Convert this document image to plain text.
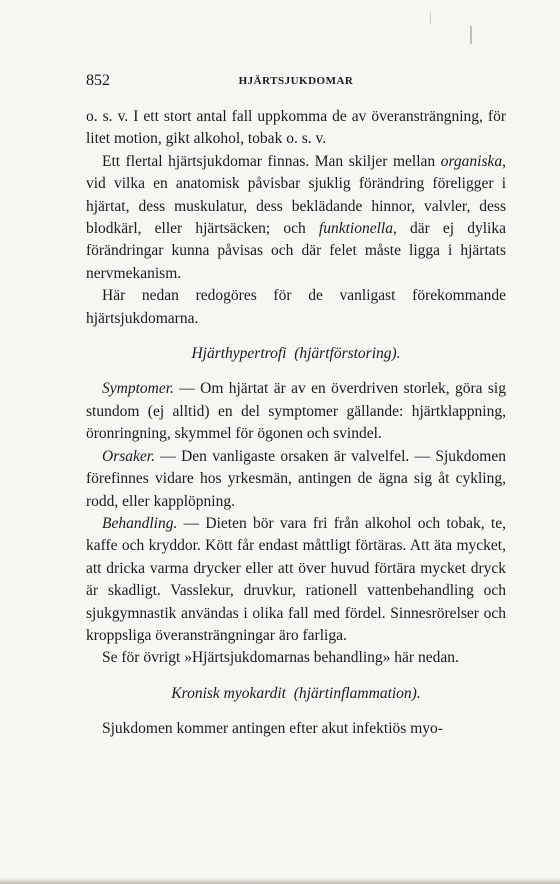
852	HJÄRTSJUKDOMAR

o. s. v. I ett stort antal fall uppkomma de av överansträngning, för litet motion, gikt alkohol, tobak o. s. v.

Ett flertal hjärtsjukdomar finnas. Man skiljer mellan organiska, vid vilka en anatomisk påvisbar sjuklig förändring föreligger i hjärtat, dess muskulatur, dess beklädande hinnor, valvler, dess blodkärl, eller hjärtsäcken; och funktionella, där ej dylika förändringar kunna påvisas och där felet måste ligga i hjärtats nervmekanism.

Här nedan redogöres för de vanligast förekommande hjärtsjukdomarna.

Hjärthypertrofi (hjärtförstoring).

Symptomer. — Om hjärtat är av en överdriven storlek, göra sig stundom (ej alltid) en del symptomer gällande: hjärtklappning, öronringning, skymmel för ögonen och svindel.

Orsaker. — Den vanligaste orsaken är valvelfel. — Sjukdomen förefinnes vidare hos yrkesmän, antingen de ägna sig åt cykling, rodd, eller kapplöpning.

Behandling. — Dieten bör vara fri från alkohol och tobak, te, kaffe och kryddor. Kött får endast måttligt förtäras. Att äta mycket, att dricka varma drycker eller att över huvud förtära mycket dryck är skadligt. Vasslekur, druvkur, rationell vattenbehandling och sjukgymnastik användas i olika fall med fördel. Sinnesrörelser och kroppsliga överansträngningar äro farliga.

Se för övrigt »Hjärtsjukdomarnas behandling» här nedan.

Kronisk myokardit (hjärtinflammation).

Sjukdomen kommer antingen efter akut infektiös myo-
